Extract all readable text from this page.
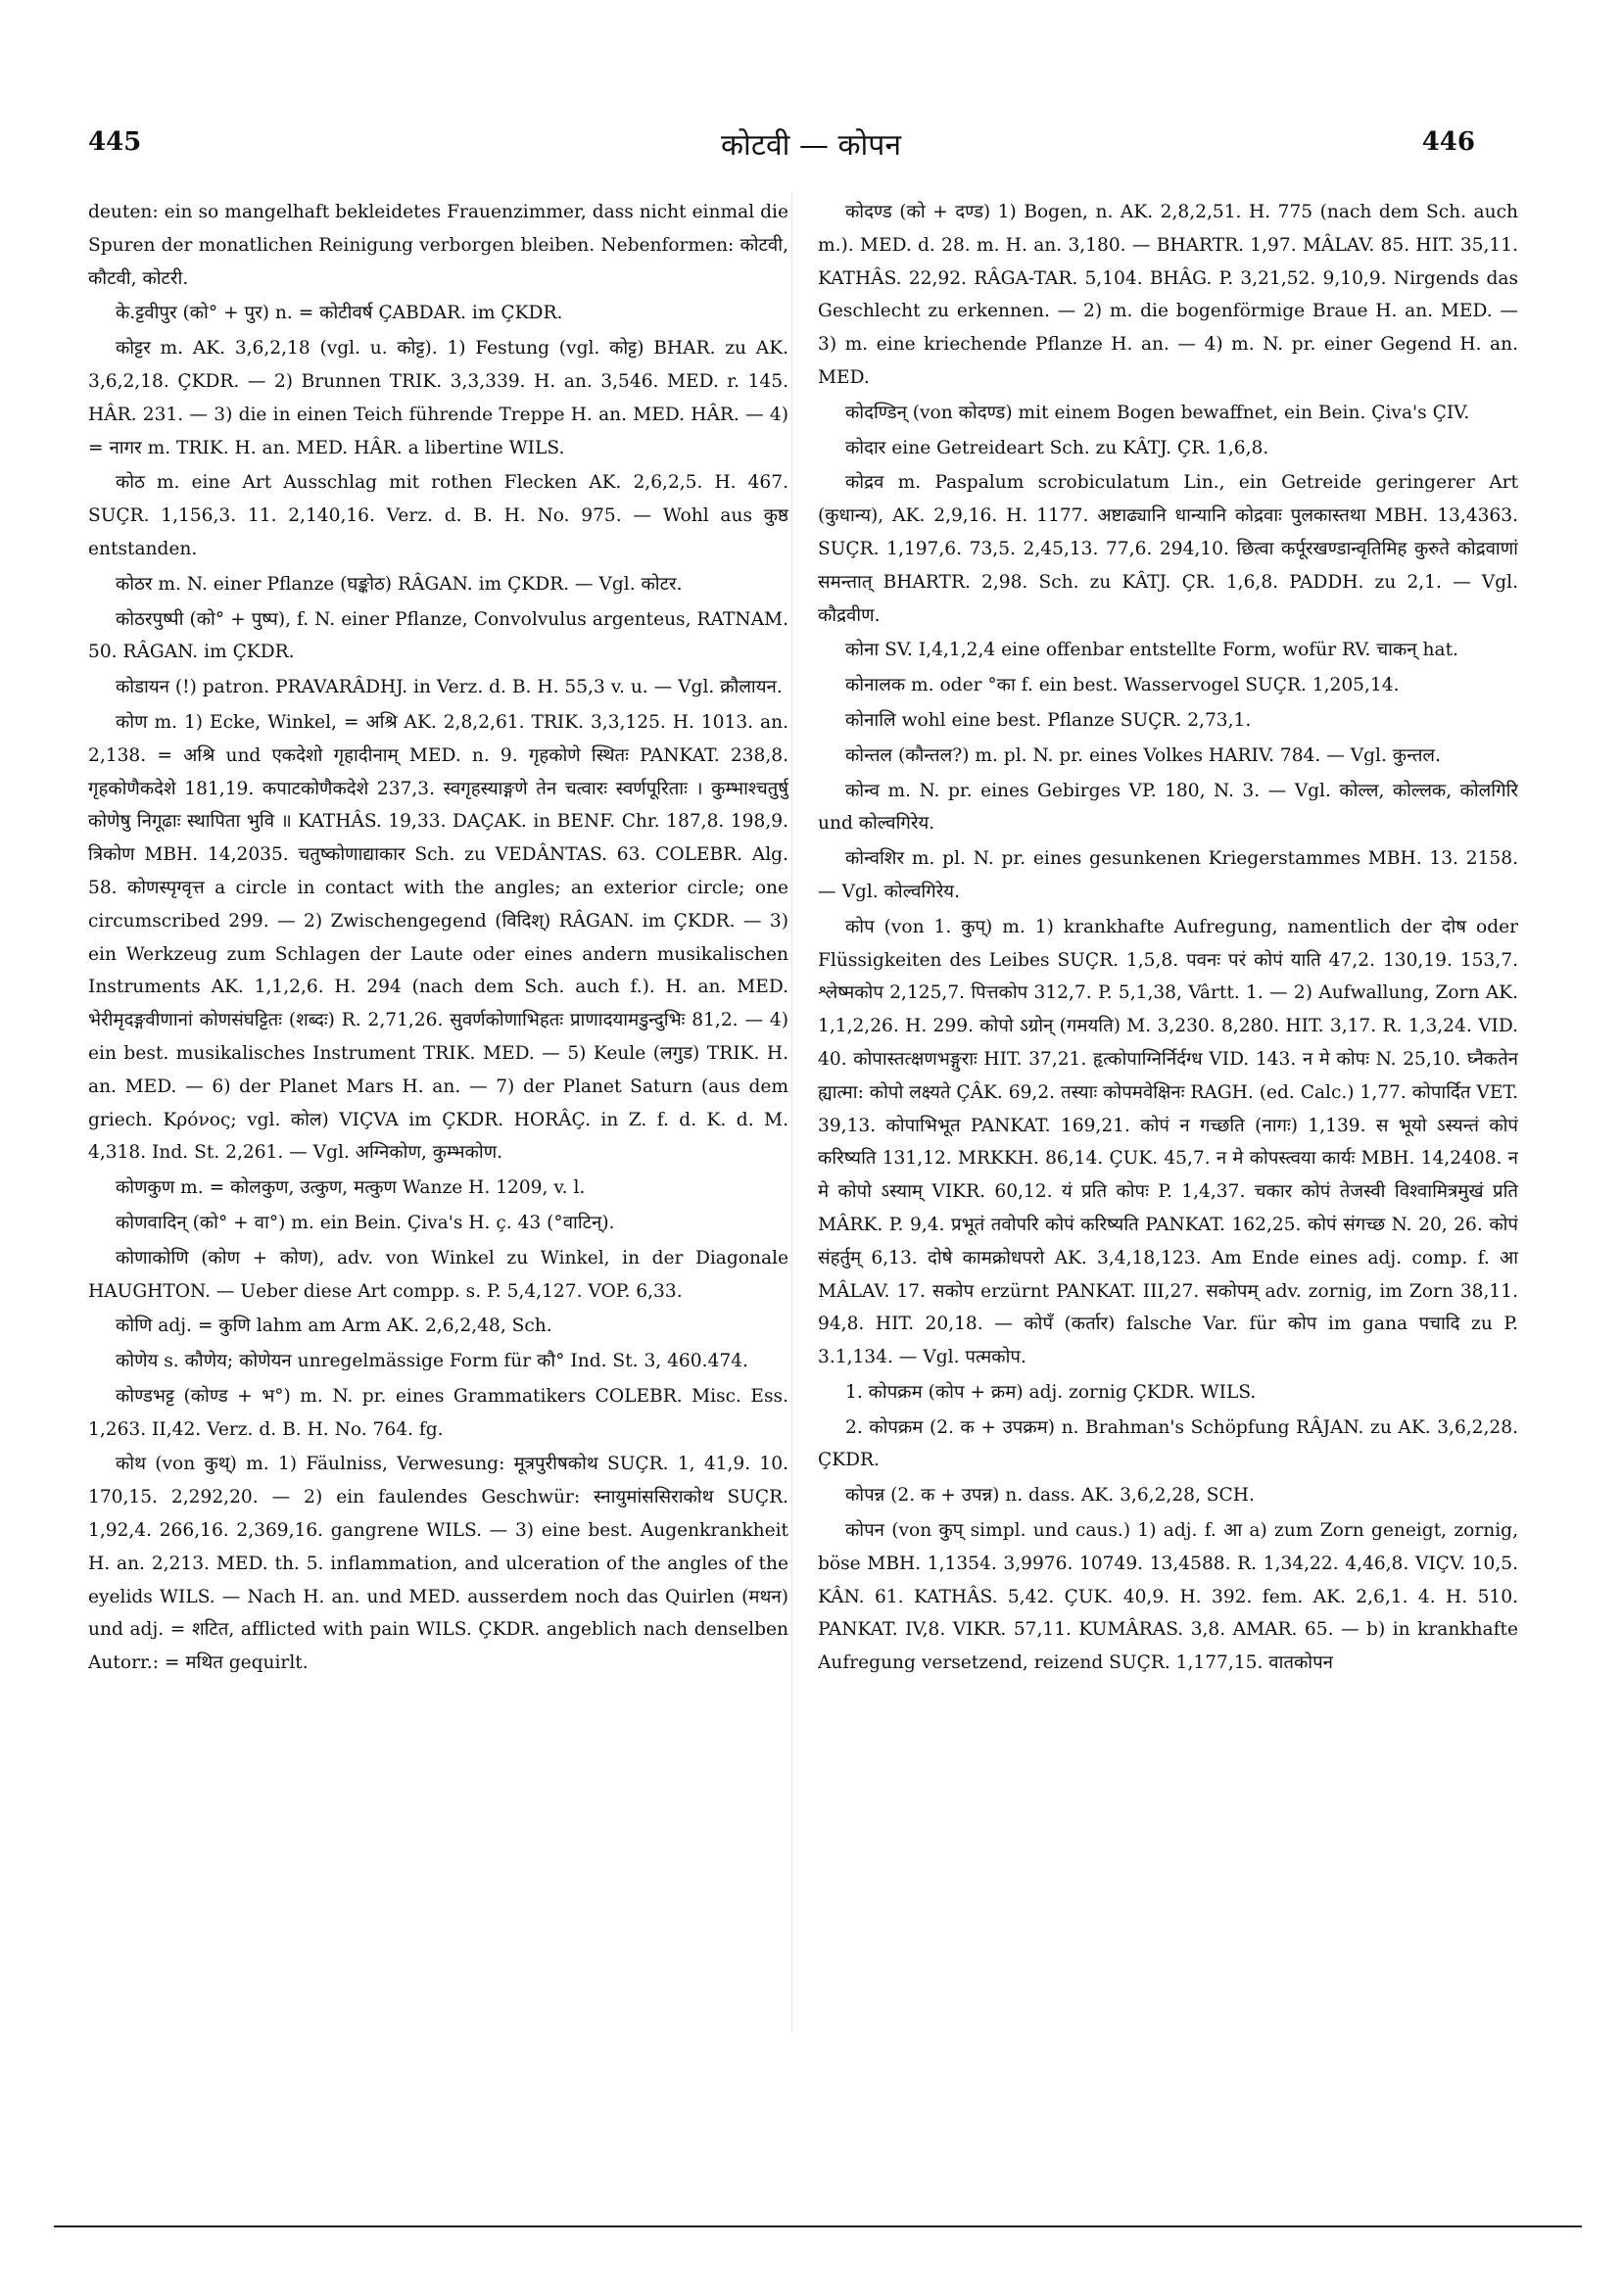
445	कोटवी — कोपन	446

deuten: ein so mangelhaft bekleidetes Frauenzimmer, dass nicht einmal die Spuren der monatlichen Reinigung verborgen bleiben. Nebenformen: कोटवी, कौटवी, कोटरी.

के.ट्टवीपुर (को° + पुर) n. = कोटीवर्ष ÇABDAR. im ÇKDR.

कोट्टर m. AK. 3,6,2,18 (vgl. u. कोट्ट). 1) Festung (vgl. कोट्ट) BHAR. zu AK. 3,6,2,18. ÇKDR. — 2) Brunnen TRIK. 3,3,339. H. an. 3,546. MED. r. 145. HÂR. 231. — 3) die in einen Teich führende Treppe H. an. MED. HÂR. — 4) = नागर m. TRIK. H. an. MED. HÂR. a libertine WILS.

कोठ m. eine Art Ausschlag mit rothen Flecken AK. 2,6,2,5. H. 467. SUÇR. 1,156,3. 11. 2,140,16. Verz. d. B. H. No. 975. — Wohl aus कुष्ठ entstanden.

कोठर m. N. einer Pflanze (घङ्कोठ) RÂGAN. im ÇKDR. — Vgl. कोटर.

कोठरपुष्पी (को° + पुष्प), f. N. einer Pflanze, Convolvulus argenteus, RATNAM. 50. RÂGAN. im ÇKDR.

कोडायन (!) patron. PRAVARÂDHJ. in Verz. d. B. H. 55,3 v. u. — Vgl. क्रौलायन.

कोण m. 1) Ecke, Winkel, = अश्रि AK. 2,8,2,61. TRIK. 3,3,125. H. 1013. an. 2,138. = अश्रि und एकदेशो गृहादीनाम् MED. n. 9. गृहकोणे स्थितः PANKAT. 238,8. गृहकोणैकदेशे 181,19. कपाटकोणैकदेशे 237,3. स्वगृहस्याङ्गणे तेन चत्वारः स्वर्णपूरिताः । कुम्भाश्चतुर्षु कोणेषु निगूढाः स्थापिता भुवि ॥ KATHÂS. 19,33. DAÇAK. in BENF. Chr. 187,8. 198,9. त्रिकोण MBH. 14,2035. चतुष्कोणाद्याकार Sch. zu VEDÂNTAS. 63. COLEBR. Alg. 58. कोणस्पृग्वृत्त a circle in contact with the angles; an exterior circle; one circumscribed 299. — 2) Zwischengegend (विदिश्) RÂGAN. im ÇKDR. — 3) ein Werkzeug zum Schlagen der Laute oder eines andern musikalischen Instruments AK. 1,1,2,6. H. 294 (nach dem Sch. auch f.). H. an. MED. भेरीमृदङ्गवीणानां कोणसंघट्टितः (शब्दः) R. 2,71,26. सुवर्णकोणाभिहतः प्राणादयामडुन्दुभिः 81,2. — 4) ein best. musikalisches Instrument TRIK. MED. — 5) Keule (लगुड) TRIK. H. an. MED. — 6) der Planet Mars H. an. — 7) der Planet Saturn (aus dem griech. Κρόνος; vgl. कोल) VIÇVA im ÇKDR. HORÂÇ. in Z. f. d. K. d. M. 4,318. Ind. St. 2,261. — Vgl. अग्निकोण, कुम्भकोण.

कोणकुण m. = कोलकुण, उत्कुण, मत्कुण Wanze H. 1209, v. l.

कोणवादिन् (को° + वा°) m. ein Bein. Çiva's H. ç. 43 (°वाटिन्).

कोणाकोणि (कोण + कोण), adv. von Winkel zu Winkel, in der Diagonale HAUGHTON. — Ueber diese Art compp. s. P. 5,4,127. VOP. 6,33.

कोणि adj. = कुणि lahm am Arm AK. 2,6,2,48, Sch.

कोणेय s. कौणेय; कोणेयन unregelmässige Form für कौ° Ind. St. 3, 460.474.

कोण्डभट्ट (कोण्ड + भ°) m. N. pr. eines Grammatikers COLEBR. Misc. Ess. 1,263. II,42. Verz. d. B. H. No. 764. fg.

कोथ (von कुथ्) m. 1) Fäulniss, Verwesung: मूत्रपुरीषकोथ SUÇR. 1, 41,9. 10. 170,15. 2,292,20. — 2) ein faulendes Geschwür: स्नायुमांससिराकोथ SUÇR. 1,92,4. 266,16. 2,369,16. gangrene WILS. — 3) eine best. Augenkrankheit H. an. 2,213. MED. th. 5. inflammation, and ulceration of the angles of the eyelids WILS. — Nach H. an. und MED. ausserdem noch das Quirlen (मथन) und adj. = शटित, afflicted with pain WILS. ÇKDR. angeblich nach denselben Autorr.: = मथित gequirlt.

कोदण्ड (को + दण्ड) 1) Bogen, n. AK. 2,8,2,51. H. 775 (nach dem Sch. auch m.). MED. d. 28. m. H. an. 3,180. — BHARTR. 1,97. MÂLAV. 85. HIT. 35,11. KATHÂS. 22,92. RÂGA-TAR. 5,104. BHÂG. P. 3,21,52. 9,10,9. Nirgends das Geschlecht zu erkennen. — 2) m. die bogenförmige Braue H. an. MED. — 3) m. eine kriechende Pflanze H. an. — 4) m. N. pr. einer Gegend H. an. MED.

कोदण्डिन् (von कोदण्ड) mit einem Bogen bewaffnet, ein Bein. Çiva's ÇIV.

कोदार eine Getreideart Sch. zu KÂTJ. ÇR. 1,6,8.

कोद्रव m. Paspalum scrobiculatum Lin., ein Getreide geringerer Art (कुधान्य), AK. 2,9,16. H. 1177. अष्टाढ्यानि धान्यानि कोद्रवाः पुलकास्तथा MBH. 13,4363. SUÇR. 1,197,6. 73,5. 2,45,13. 77,6. 294,10. छित्वा कर्पूरखण्डान्वृतिमिह कुरुते कोद्रवाणां समन्तात् BHARTR. 2,98. Sch. zu KÂTJ. ÇR. 1,6,8. PADDH. zu 2,1. — Vgl. कौद्रवीण.

कोना SV. I,4,1,2,4 eine offenbar entstellte Form, wofür RV. चाकन् hat.

कोनालक m. oder °का f. ein best. Wasservogel SUÇR. 1,205,14.

कोनालि wohl eine best. Pflanze SUÇR. 2,73,1.

कोन्तल (कौन्तल?) m. pl. N. pr. eines Volkes HARIV. 784. — Vgl. कुन्तल.

कोन्व m. N. pr. eines Gebirges VP. 180, N. 3. — Vgl. कोल्ल, कोल्लक, कोलगिरि und कोल्वगिरेय.

कोन्वशिर m. pl. N. pr. eines gesunkenen Kriegerstammes MBH. 13. 2158. — Vgl. कोल्वगिरेय.

कोप (von 1. कुप्) m. 1) krankhafte Aufregung, namentlich der दोष oder Flüssigkeiten des Leibes SUÇR. 1,5,8. पवनः परं कोपं याति 47,2. 130,19. 153,7. श्लेष्मकोप 2,125,7. पित्तकोप 312,7. P. 5,1,38, Vârtt. 1. — 2) Aufwallung, Zorn AK. 1,1,2,26. H. 299. कोपो ऽग्रोन् (गमयति) M. 3,230. 8,280. HIT. 3,17. R. 1,3,24. VID. 40. कोपास्तत्क्षणभङ्गुराः HIT. 37,21. हृत्कोपाग्निर्निर्दग्ध VID. 143. न मे कोपः N. 25,10. घ्नैकतेन ह्यात्मा: कोपो लक्ष्यते ÇÂK. 69,2. तस्याः कोपमवेक्षिनः RAGH. (ed. Calc.) 1,77. कोपार्दित VET. 39,13. कोपाभिभूत PANKAT. 169,21. कोपं न गच्छति (नागः) 1,139. स भूयो ऽस्यन्तं कोपं करिष्यति 131,12. MRKKH. 86,14. ÇUK. 45,7. न मे कोपस्त्वया कार्यः MBH. 14,2408. न मे कोपो ऽस्याम् VIKR. 60,12. यं प्रति कोपः P. 1,4,37. चकार कोपं तेजस्वी विश्वामित्रमुखं प्रति MÂRK. P. 9,4. प्रभूतं तवोपरि कोपं करिष्यति PANKAT. 162,25. कोपं संगच्छ N. 20, 26. कोपं संहर्तुम् 6,13. दोषे कामक्रोधपरो AK. 3,4,18,123. Am Ende eines adj. comp. f. आ MÂLAV. 17. सकोप erzürnt PANKAT. III,27. सकोपम् adv. zornig, im Zorn 38,11. 94,8. HIT. 20,18. — कोपँ (कर्तार) falsche Var. für कोप im gana पचादि zu P. 3.1,134. — Vgl. पत्मकोप.

1. कोपक्रम (कोप + क्रम) adj. zornig ÇKDR. WILS.

2. कोपक्रम (2. क + उपक्रम) n. Brahman's Schöpfung RÂJAN. zu AK. 3,6,2,28. ÇKDR.

कोपन्न (2. क + उपन्न) n. dass. AK. 3,6,2,28, SCH.

कोपन (von कुप् simpl. und caus.) 1) adj. f. आ a) zum Zorn geneigt, zornig, böse MBH. 1,1354. 3,9976. 10749. 13,4588. R. 1,34,22. 4,46,8. VIÇV. 10,5. KÂN. 61. KATHÂS. 5,42. ÇUK. 40,9. H. 392. fem. AK. 2,6,1. 4. H. 510. PANKAT. IV,8. VIKR. 57,11. KUMÂRAS. 3,8. AMAR. 65. — b) in krankhafte Aufregung versetzend, reizend SUÇR. 1,177,15. वातकोपन
